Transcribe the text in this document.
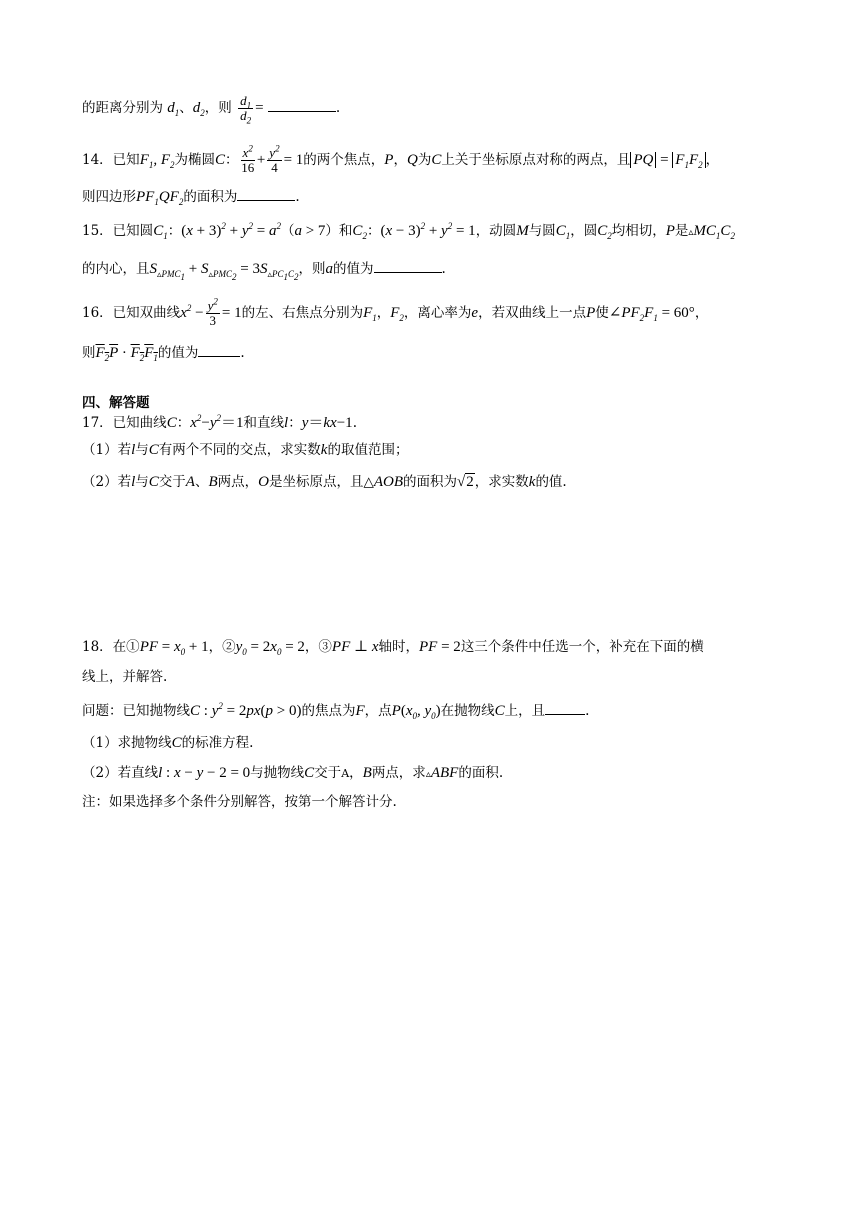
的距离分别为 $d_1$、$d_2$，则 $\frac{d_1}{d_2}$ =	.
14．已知$F_1$, $F_2$为椭圆C： $\frac{x^2}{16} + \frac{y^2}{4} = 1$的两个焦点，P，Q为C上关于坐标原点对称的两点，且 PQ = $F_1F_2$ ，
则四边形$PF_1QF_2$的面积为	.
15．已知圆$C_1$：$(x + 3)^2 + y^2 = a^2(a > 7)$和$C_2$：$(x - 3)^2 + y^2 = 1$，动圆M与圆$C_1$，圆$C_2$均相切，P是$▵MC_1C_2$
的内心，且$S_{▵PMC_1} + S_{▵PMC_2} = 3S_{▵PC_1C_2}$，则a的值为	.
16．已知双曲线$x^2 - \frac{y^2}{3} = 1$的左、右焦点分别为$F_1$，$F_2$，离心率为e，若双曲线上一点P使$\angle PF_2F_1 = 60^\circ$，
则$F_2P \cdot F_2F_1$的值为	.
四、解答题
17．已知曲线C：$x^2-y^2=1$和直线l：y＝kx−1.
（1）若l与C有两个不同的交点，求实数k的取值范围；
（2）若l与C交于A、B两点，O是坐标原点，且△AOB的面积为√2，求实数k的值.
18．在①PF = $x_0 + 1$，$②y_0 = 2x_0 = 2$，③PF ⊥ x轴时，PF = 2这三个条件中任选一个，补充在下面的横
线上，并解答.
问题：已知抛物线C : $y^2 = 2px(p > 0)$的焦点为F，点$P(x_0$, $y_0$)在抛物线C上，且	.
（1）求抛物线C的标准方程.
（2）若直线l : x − y − 2 = 0与抛物线C交于A，B两点，求▵ABF的面积.
注：如果选择多个条件分别解答，按第一个解答计分.
